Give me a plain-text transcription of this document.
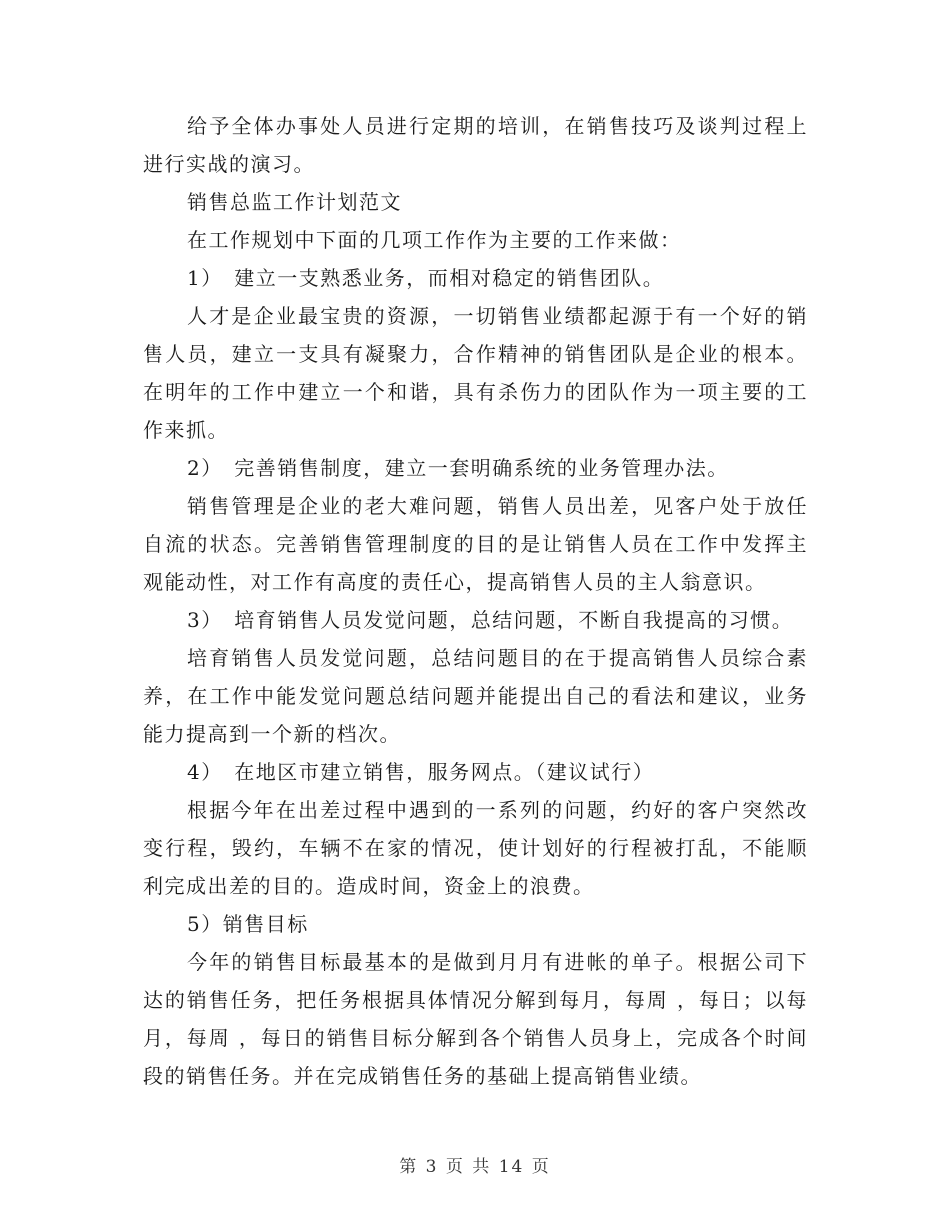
给予全体办事处人员进行定期的培训，在销售技巧及谈判过程上进行实战的演习。

销售总监工作计划范文

在工作规划中下面的几项工作作为主要的工作来做：

1）　建立一支熟悉业务，而相对稳定的销售团队。

人才是企业最宝贵的资源，一切销售业绩都起源于有一个好的销售人员，建立一支具有凝聚力，合作精神的销售团队是企业的根本。在明年的工作中建立一个和谐，具有杀伤力的团队作为一项主要的工作来抓。

2）　完善销售制度，建立一套明确系统的业务管理办法。

销售管理是企业的老大难问题，销售人员出差，见客户处于放任自流的状态。完善销售管理制度的目的是让销售人员在工作中发挥主观能动性，对工作有高度的责任心，提高销售人员的主人翁意识。

3）　培育销售人员发觉问题，总结问题，不断自我提高的习惯。

培育销售人员发觉问题，总结问题目的在于提高销售人员综合素养，在工作中能发觉问题总结问题并能提出自己的看法和建议，业务能力提高到一个新的档次。

4）　在地区市建立销售，服务网点。（建议试行）

根据今年在出差过程中遇到的一系列的问题，约好的客户突然改变行程，毁约，车辆不在家的情况，使计划好的行程被打乱，不能顺利完成出差的目的。造成时间，资金上的浪费。

5）销售目标

今年的销售目标最基本的是做到月月有进帐的单子。根据公司下达的销售任务，把任务根据具体情况分解到每月，每周 ，每日；以每月，每周 ，每日的销售目标分解到各个销售人员身上，完成各个时间段的销售任务。并在完成销售任务的基础上提高销售业绩。

第 3 页 共 14 页
